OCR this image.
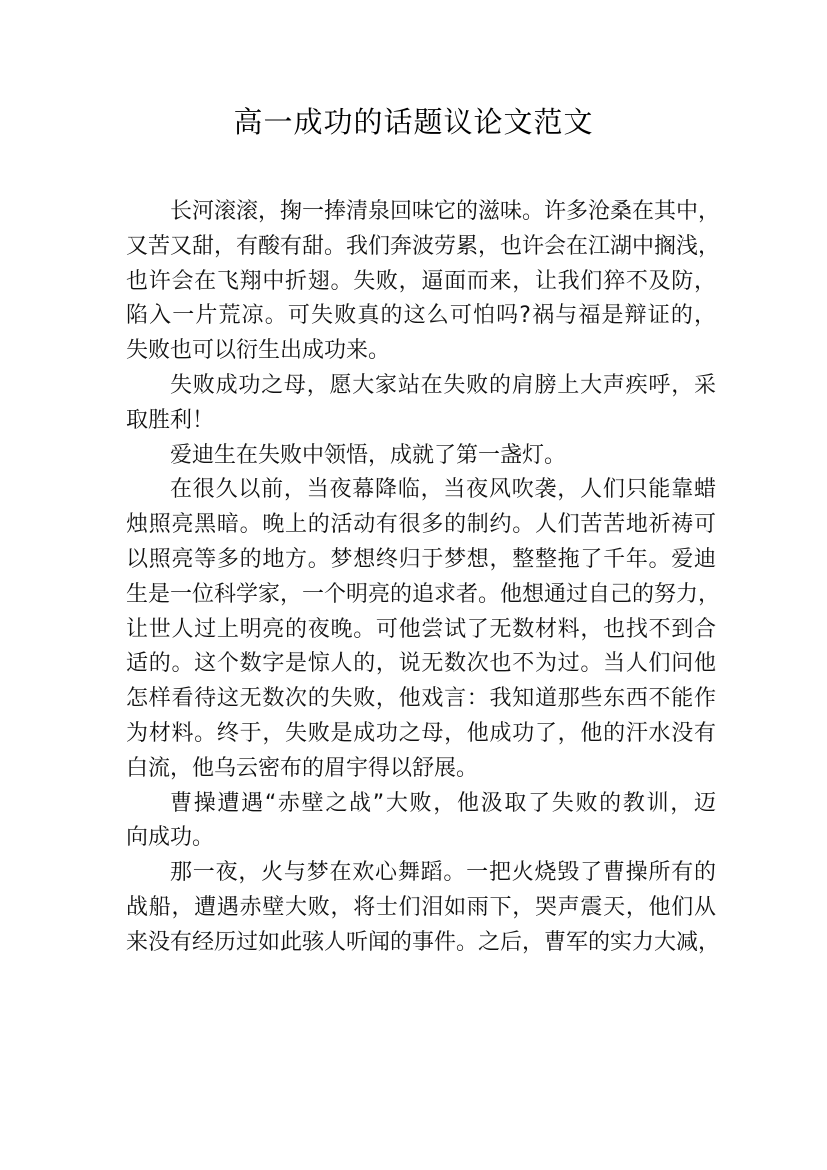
高一成功的话题议论文范文
长河滚滚，掬一捧清泉回味它的滋味。许多沧桑在其中，
又苦又甜，有酸有甜。我们奔波劳累，也许会在江湖中搁浅，
也许会在飞翔中折翅。失败，逼面而来，让我们猝不及防，
陷入一片荒凉。可失败真的这么可怕吗?祸与福是辩证的，
失败也可以衍生出成功来。
失败成功之母，愿大家站在失败的肩膀上大声疾呼，采
取胜利！
爱迪生在失败中领悟，成就了第一盏灯。
在很久以前，当夜幕降临，当夜风吹袭，人们只能靠蜡
烛照亮黑暗。晚上的活动有很多的制约。人们苦苦地祈祷可
以照亮等多的地方。梦想终归于梦想，整整拖了千年。爱迪
生是一位科学家，一个明亮的追求者。他想通过自己的努力，
让世人过上明亮的夜晚。可他尝试了无数材料，也找不到合
适的。这个数字是惊人的，说无数次也不为过。当人们问他
怎样看待这无数次的失败，他戏言：我知道那些东西不能作
为材料。终于，失败是成功之母，他成功了，他的汗水没有
白流，他乌云密布的眉宇得以舒展。
曹操遭遇“赤壁之战”大败，他汲取了失败的教训，迈
向成功。
那一夜，火与梦在欢心舞蹈。一把火烧毁了曹操所有的
战船，遭遇赤壁大败，将士们泪如雨下，哭声震天，他们从
来没有经历过如此骇人听闻的事件。之后，曹军的实力大减，
